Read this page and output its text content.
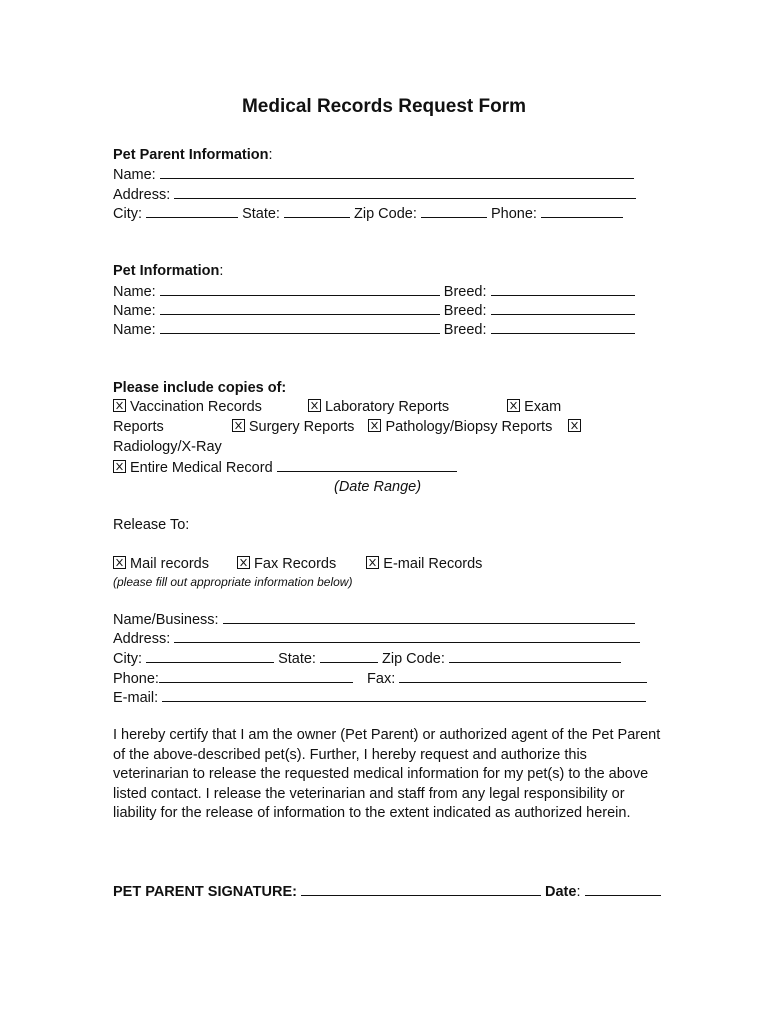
Medical Records Request Form
Pet Parent Information:
Name:
Address:
City:	State:	Zip Code:	Phone:
Pet Information:
Name:	Breed:
Name:	Breed:
Name:	Breed:
Please include copies of:
Vaccination Records	Laboratory Reports	Exam
Reports	Surgery Reports Pathology/Biopsy Reports
Radiology/X-Ray
Entire Medical Record
(Date Range)
Release To:
Mail records	Fax Records	E-mail Records
(please fill out appropriate information below)
Name/Business:
Address:
City:	State:	Zip Code:
Phone:	Fax:
E-mail:

I hereby certify that I am the owner (Pet Parent) or authorized agent of the Pet Parent of the above-described pet(s). Further, I hereby request and authorize this veterinarian to release the requested medical information for my pet(s) to the above listed contact. I release the veterinarian and staff from any legal responsibility or liability for the release of information to the extent indicated as authorized herein.

PET PARENT SIGNATURE:	Date:
